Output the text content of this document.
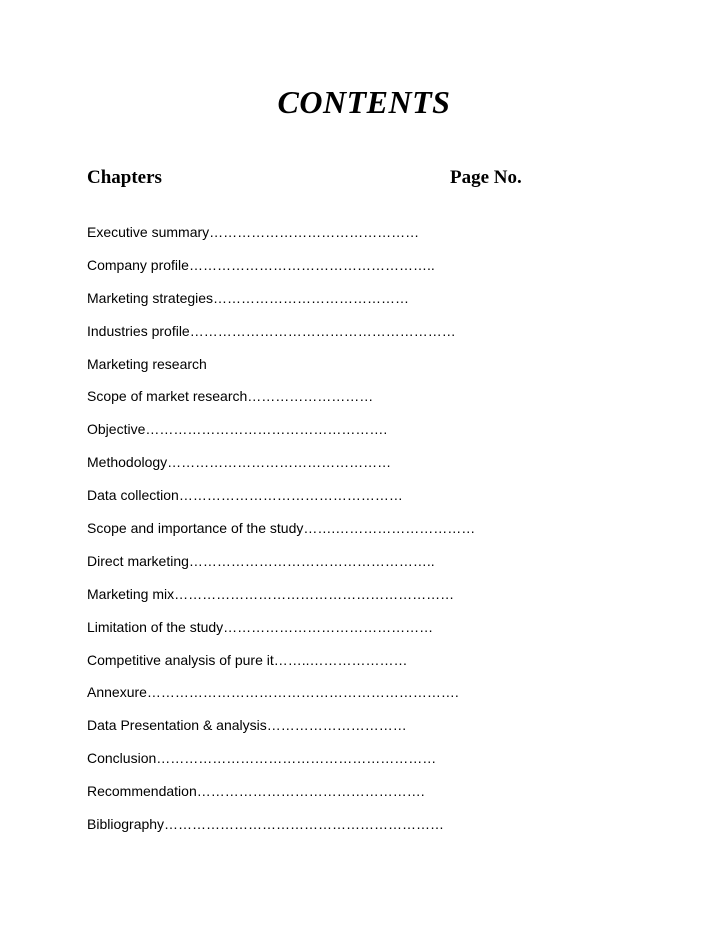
CONTENTS
Chapters	Page No.
Executive summary………………………………………
Company profile……………………………………………..
Marketing strategies……………………………………
Industries profile…………………………………………………
Marketing research
Scope of market research………………………
Objective…………………………………………….
Methodology…………………………………………
Data collection…………………………………………
Scope and importance of the study…….…………………………
Direct marketing……………………………………………..
Marketing mix……………………………………………………
Limitation of the study………………………………………
Competitive analysis of pure it……..…………………
Annexure………………………………………………………….
Data Presentation & analysis…………………………
Conclusion……………………………………………………
Recommendation………………………………………….
Bibliography……………………………………………………
